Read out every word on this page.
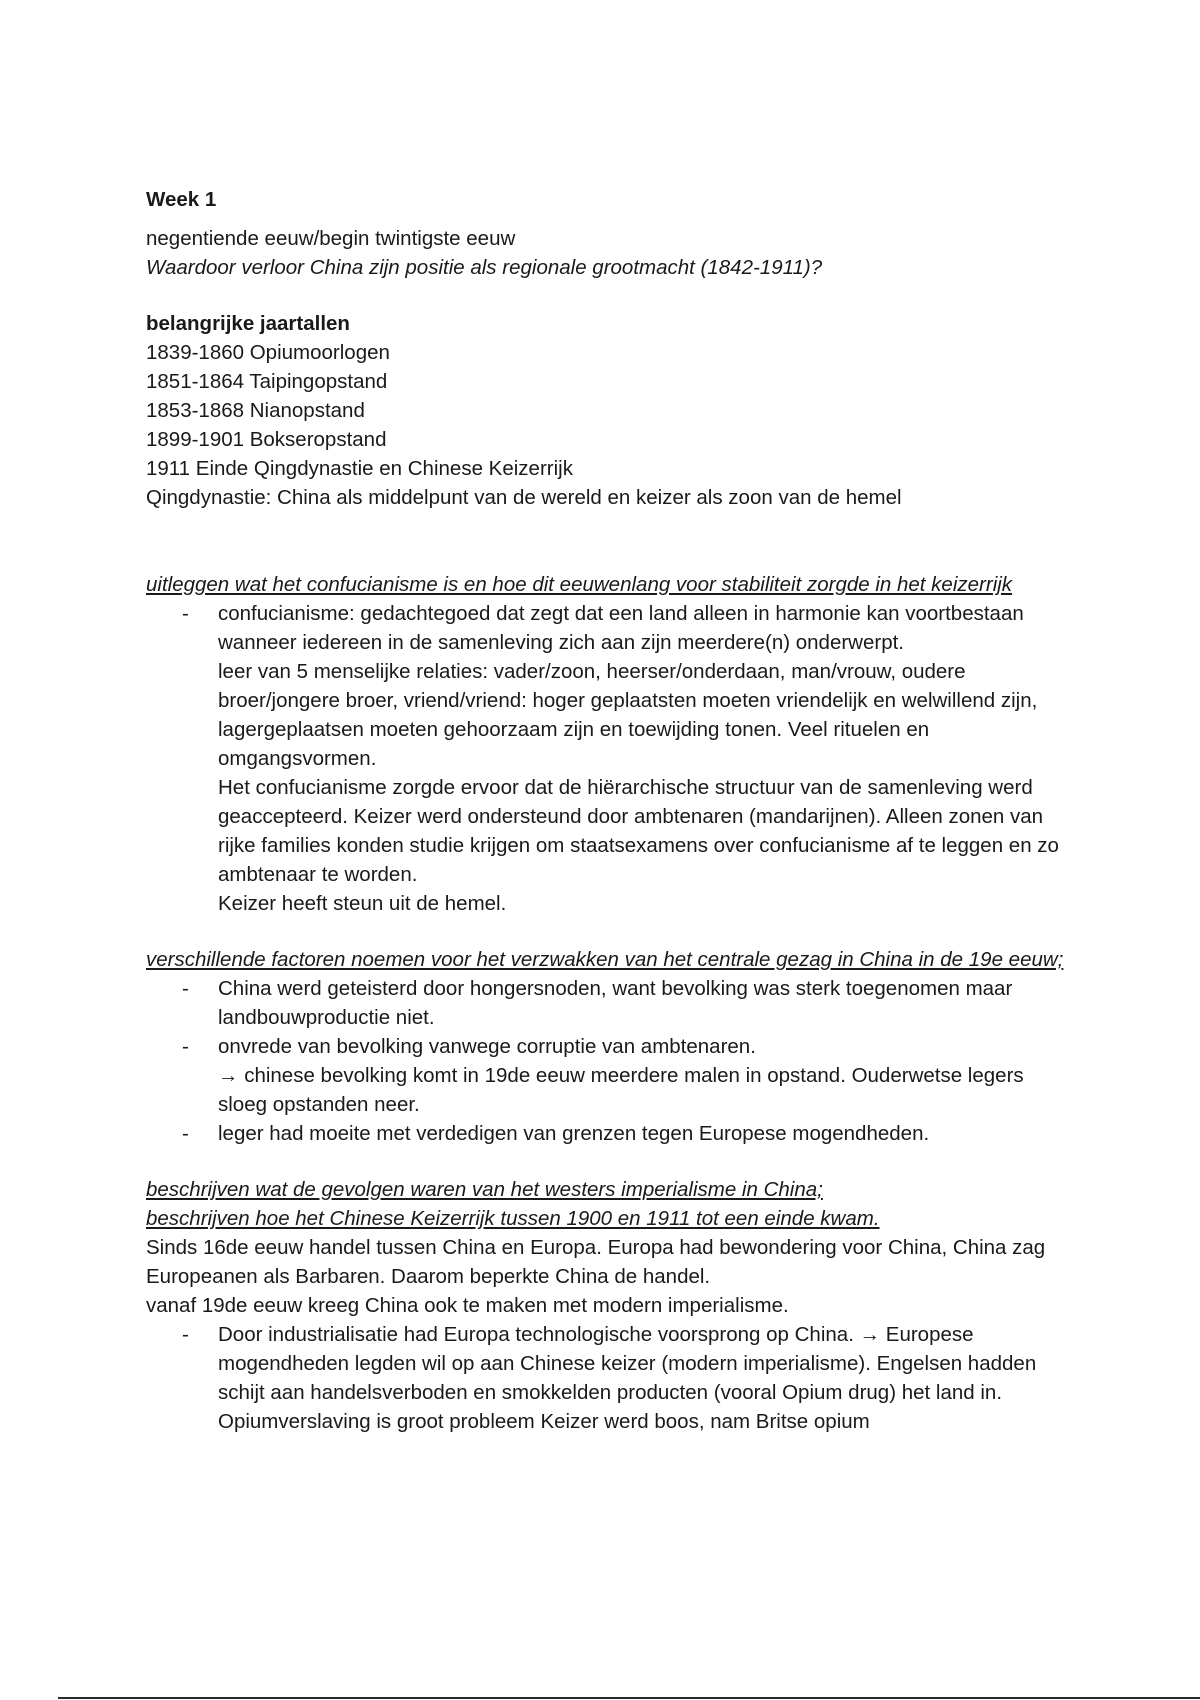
Week 1
negentiende eeuw/begin twintigste eeuw
Waardoor verloor China zijn positie als regionale grootmacht (1842-1911)?
belangrijke jaartallen
1839-1860 Opiumoorlogen
1851-1864 Taipingopstand
1853-1868 Nianopstand
1899-1901 Bokseropstand
1911 Einde Qingdynastie en Chinese Keizerrijk
Qingdynastie: China als middelpunt van de wereld en keizer als zoon van de hemel
uitleggen wat het confucianisme is en hoe dit eeuwenlang voor stabiliteit zorgde in het keizerrijk
- confucianisme: gedachtegoed dat zegt dat een land alleen in harmonie kan voortbestaan wanneer iedereen in de samenleving zich aan zijn meerdere(n) onderwerpt.
leer van 5 menselijke relaties: vader/zoon, heerser/onderdaan, man/vrouw, oudere broer/jongere broer, vriend/vriend: hoger geplaatsten moeten vriendelijk en welwillend zijn, lagergeplaatsen moeten gehoorzaam zijn en toewijding tonen. Veel rituelen en omgangsvormen.
Het confucianisme zorgde ervoor dat de hiërarchische structuur van de samenleving werd geaccepteerd. Keizer werd ondersteund door ambtenaren (mandarijnen). Alleen zonen van rijke families konden studie krijgen om staatsexamens over confucianisme af te leggen en zo ambtenaar te worden.
Keizer heeft steun uit de hemel.
verschillende factoren noemen voor het verzwakken van het centrale gezag in China in de 19e eeuw;
- China werd geteisterd door hongersnoden, want bevolking was sterk toegenomen maar landbouwproductie niet.
- onvrede van bevolking vanwege corruptie van ambtenaren.
→ chinese bevolking komt in 19de eeuw meerdere malen in opstand. Ouderwetse legers sloeg opstanden neer.
- leger had moeite met verdedigen van grenzen tegen Europese mogendheden.
beschrijven wat de gevolgen waren van het westers imperialisme in China;
beschrijven hoe het Chinese Keizerrijk tussen 1900 en 1911 tot een einde kwam.
Sinds 16de eeuw handel tussen China en Europa. Europa had bewondering voor China, China zag Europeanen als Barbaren. Daarom beperkte China de handel.
vanaf 19de eeuw kreeg China ook te maken met modern imperialisme.
- Door industrialisatie had Europa technologische voorsprong op China. → Europese mogendheden legden wil op aan Chinese keizer (modern imperialisme). Engelsen hadden schijt aan handelsverboden en smokkelden producten (vooral Opium drug) het land in. Opiumverslaving is groot probleem Keizer werd boos, nam Britse opium
